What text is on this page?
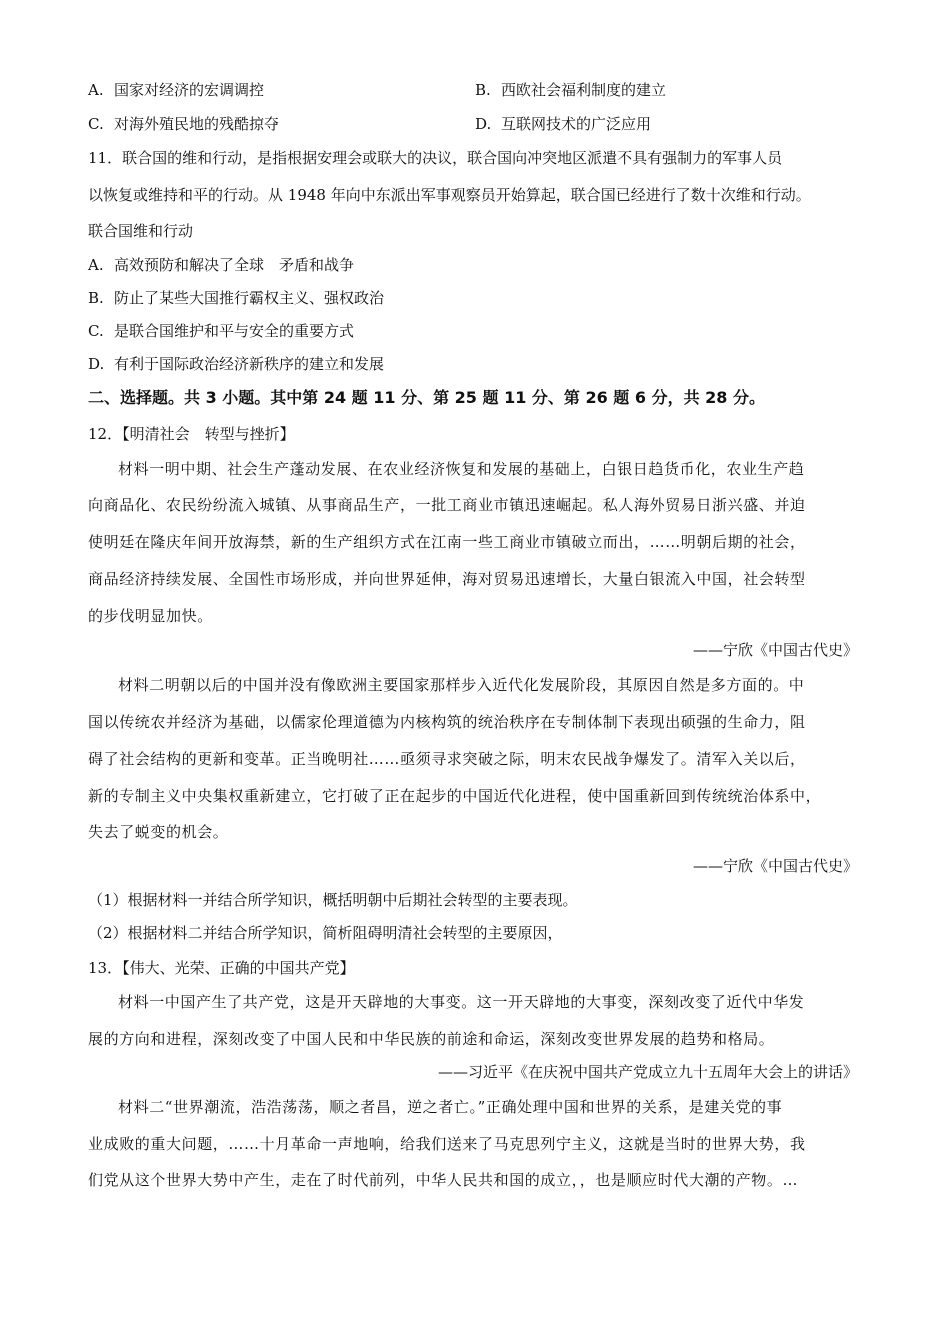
A. 国家对经济的宏调调控	B. 西欧社会福利制度的建立
C. 对海外殖民地的残酷掠夺	D. 互联网技术的广泛应用
11．联合国的维和行动，是指根据安理会或联大的决议，联合国向冲突地区派遣不具有强制力的军事人员
以恢复或维持和平的行动。从 1948 年向中东派出军事观察员开始算起，联合国已经进行了数十次维和行动。
联合国维和行动
A. 高效预防和解决了全球　矛盾和战争
B. 防止了某些大国推行霸权主义、强权政治
C. 是联合国维护和平与安全的重要方式
D. 有利于国际政治经济新秩序的建立和发展
二、选择题。共 3 小题。其中第 24 题 11 分、第 25 题 11 分、第 26 题 6 分，共 28 分。
12．【明清社会　转型与挫折】
材料一明中期、社会生产蓬动发展、在农业经济恢复和发展的基础上，白银日趋货币化，农业生产趋
向商品化、农民纷纷流入城镇、从事商品生产，一批工商业市镇迅速崛起。私人海外贸易日浙兴盛、并迫
使明廷在隆庆年间开放海禁，新的生产组织方式在江南一些工商业市镇破立而出，……明朝后期的社会，
商品经济持续发展、全国性市场形成，并向世界延伸，海对贸易迅速增长，大量白银流入中国，社会转型
的步伐明显加快。
——宁欣《中国古代史》
材料二明朝以后的中国并没有像欧洲主要国家那样步入近代化发展阶段，其原因自然是多方面的。中
国以传统农并经济为基础，以儒家伦理道德为内核构筑的统治秩序在专制体制下表现出硕强的生命力，阻
碍了社会结构的更新和变革。正当晚明社……亟须寻求突破之际，明末农民战争爆发了。清军入关以后，
新的专制主义中央集权重新建立，它打破了正在起步的中国近代化进程，使中国重新回到传统统治体系中，
失去了蜕变的机会。
——宁欣《中国古代史》
（1）根据材料一并结合所学知识，概括明朝中后期社会转型的主要表现。
（2）根据材料二并结合所学知识，简析阻碍明清社会转型的主要原因，
13．【伟大、光荣、正确的中国共产党】
材料一中国产生了共产党，这是开天辟地的大事变。这一开天辟地的大事变，深刻改变了近代中华发
展的方向和进程，深刻改变了中国人民和中华民族的前途和命运，深刻改变世界发展的趋势和格局。
——习近平《在庆祝中国共产党成立九十五周年大会上的讲话》
材料二“世界潮流，浩浩荡荡，顺之者昌，逆之者亡。”正确处理中国和世界的关系，是建关党的事
业成败的重大问题，……十月革命一声地响，给我们送来了马克思列宁主义，这就是当时的世界大势，我
们党从这个世界大势中产生，走在了时代前列，中华人民共和国的成立，，也是顺应时代大潮的产物。…
